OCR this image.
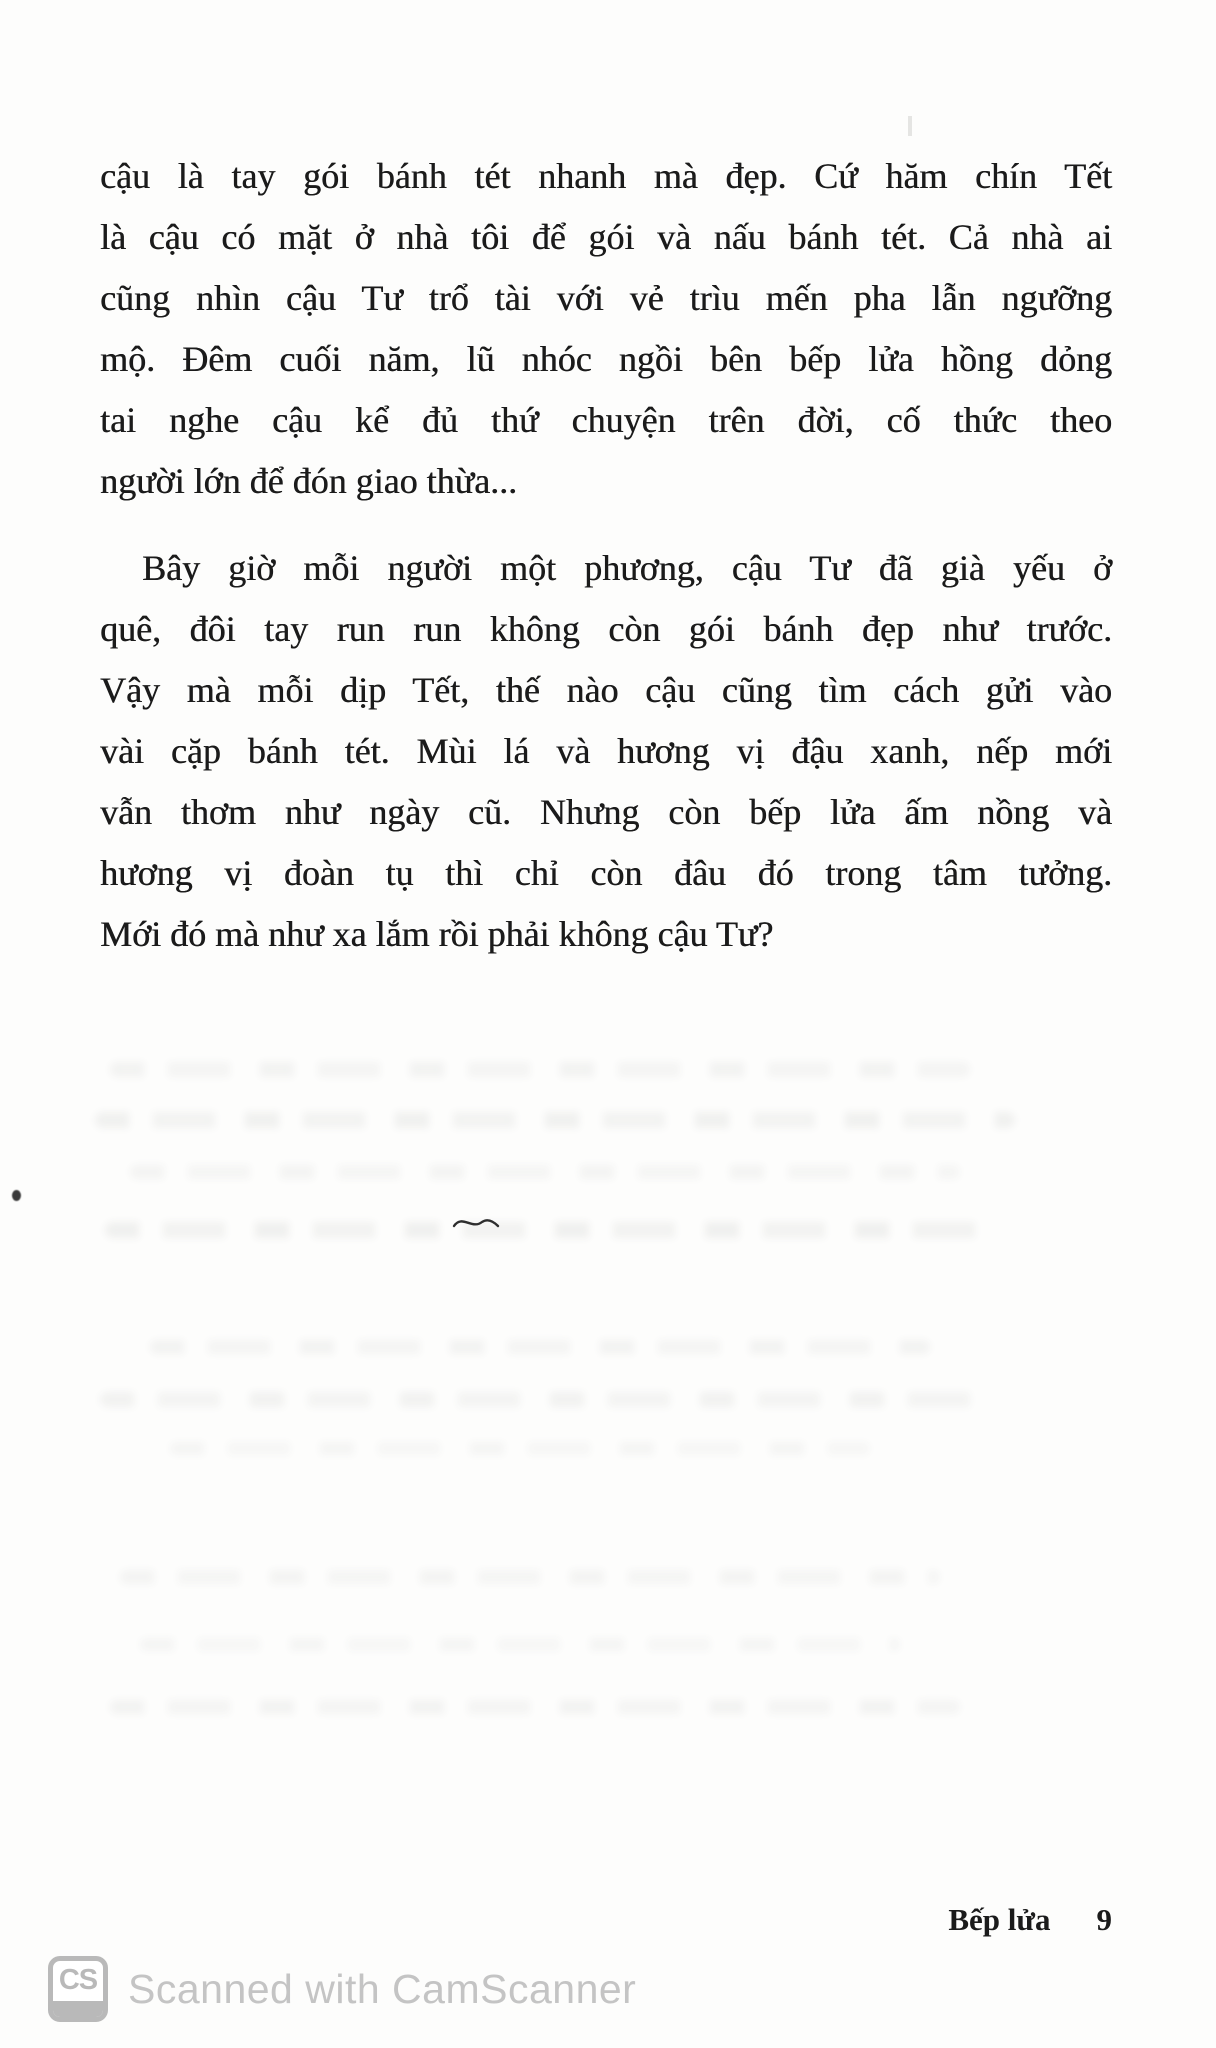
cậu là tay gói bánh tét nhanh mà đẹp. Cứ hăm chín Tết
là cậu có mặt ở nhà tôi để gói và nấu bánh tét. Cả nhà ai
cũng nhìn cậu Tư trổ tài với vẻ trìu mến pha lẫn ngưỡng
mộ. Đêm cuối năm, lũ nhóc ngồi bên bếp lửa hồng dỏng
tai nghe cậu kể đủ thứ chuyện trên đời, cố thức theo
người lớn để đón giao thừa...
Bây giờ mỗi người một phương, cậu Tư đã già yếu ở
quê, đôi tay run run không còn gói bánh đẹp như trước.
Vậy mà mỗi dịp Tết, thế nào cậu cũng tìm cách gửi vào
vài cặp bánh tét. Mùi lá và hương vị đậu xanh, nếp mới
vẫn thơm như ngày cũ. Nhưng còn bếp lửa ấm nồng và
hương vị đoàn tụ thì chỉ còn đâu đó trong tâm tưởng.
Mới đó mà như xa lắm rồi phải không cậu Tư?
Bếp lửa 9
CS Scanned with CamScanner
